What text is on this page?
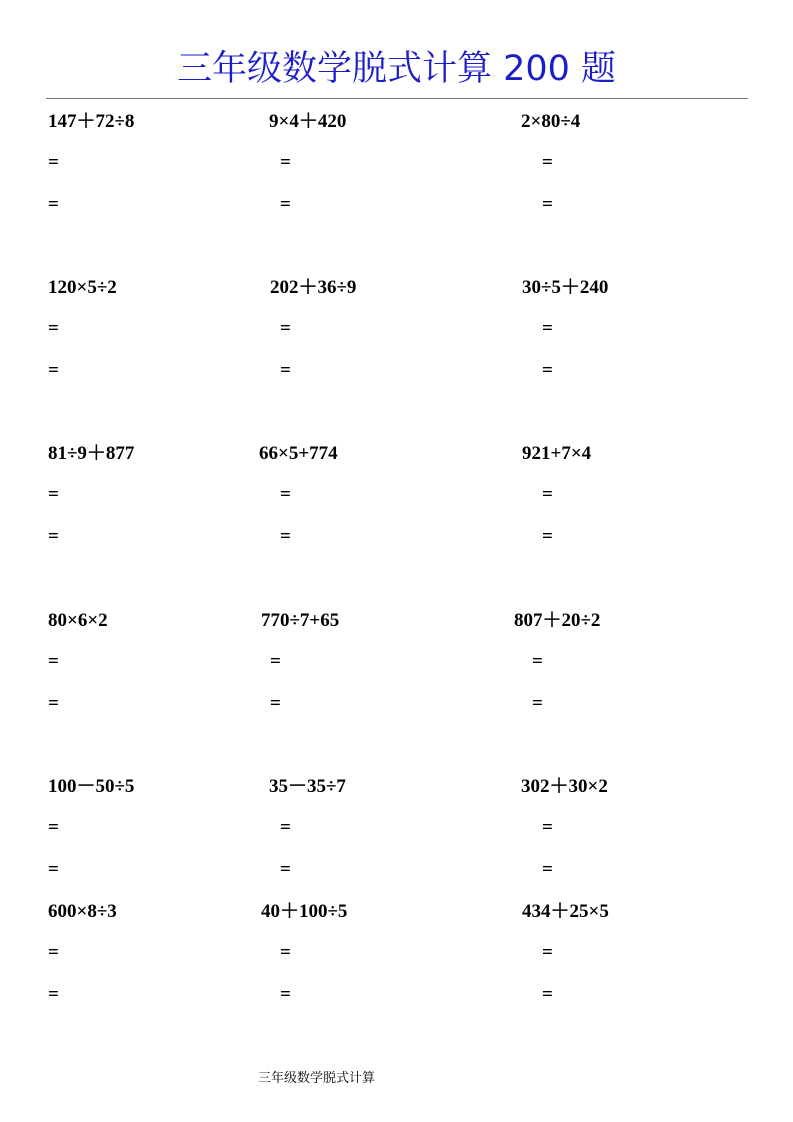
三年级数学脱式计算 200 题
147＋72÷8
=
=
9×4＋420
=
=
2×80÷4
=
=
120×5÷2
=
=
202＋36÷9
=
=
30÷5＋240
=
=
81÷9＋877
=
=
66×5+774
=
=
921+7×4
=
=
80×6×2
=
=
770÷7+65
=
=
807＋20÷2
=
=
100－50÷5
=
=
35－35÷7
=
=
302＋30×2
=
=
600×8÷3
=
=
40＋100÷5
=
=
434＋25×5
=
=
三年级数学脱式计算
